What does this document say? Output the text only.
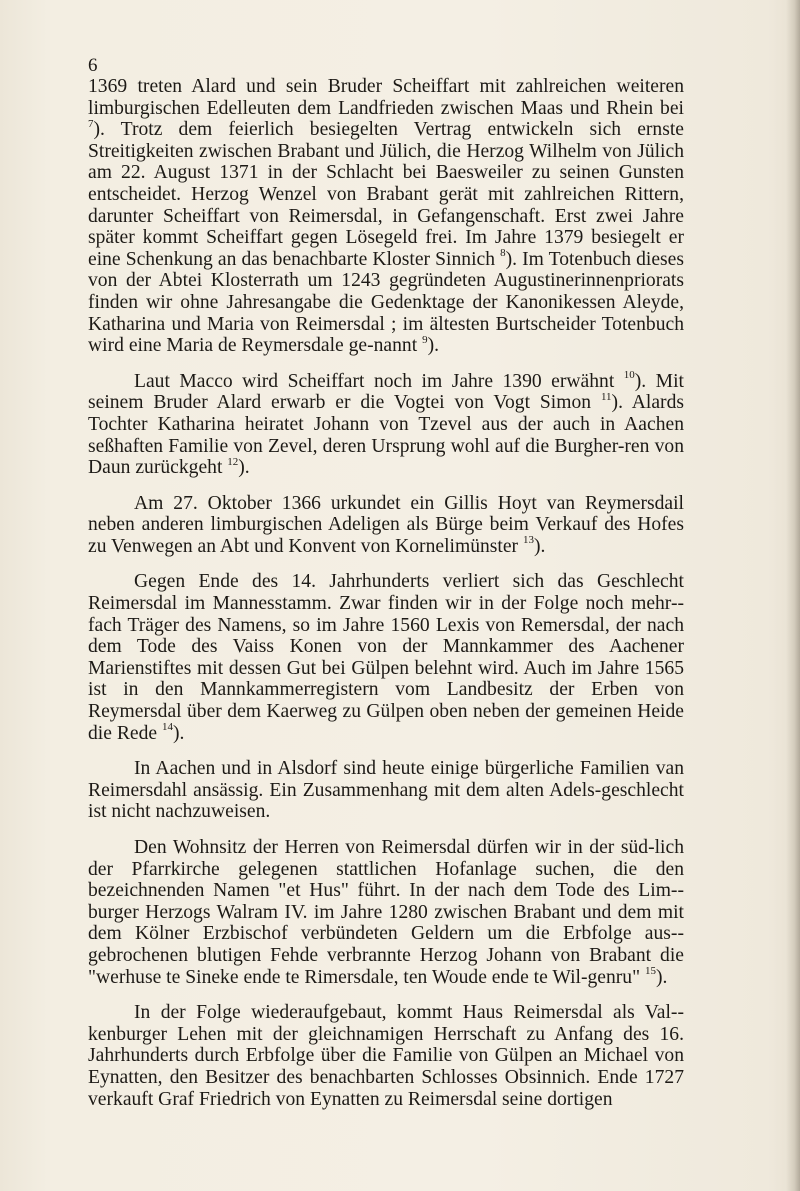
6

1369 treten Alard und sein Bruder Scheiffart mit zahlreichen weiteren limburgischen Edelleuten dem Landfrieden zwischen Maas und Rhein bei $^7$). Trotz dem feierlich besiegelten Vertrag entwickeln sich ernste Streitigkeiten zwischen Brabant und Jülich, die Herzog Wilhelm von Jülich am 22. August 1371 in der Schlacht bei Baesweiler zu seinen Gunsten entscheidet. Herzog Wenzel von Brabant gerät mit zahlreichen Rittern, darunter Scheiffart von Reimersdal, in Gefangenschaft. Erst zwei Jahre später kommt Scheiffart gegen Lösegeld frei. Im Jahre 1379 besiegelt er eine Schenkung an das benachbarte Kloster Sinnich $^8$). Im Totenbuch dieses von der Abtei Klosterrath um 1243 gegründeten Augustinerinnenpriorats finden wir ohne Jahresangabe die Gedenktage der Kanonikessen Aleyde, Katharina und Maria von Reimersdal ; im ältesten Burtscheider Totenbuch wird eine Maria de Reymersdale ge-nannt $^9$).

Laut Macco wird Scheiffart noch im Jahre 1390 erwähnt $^{10}$). Mit seinem Bruder Alard erwarb er die Vogtei von Vogt Simon $^{11}$). Alards Tochter Katharina heiratet Johann von Tzevel aus der auch in Aachen seßhaften Familie von Zevel, deren Ursprung wohl auf die Burgher-ren von Daun zurückgeht $^{12}$).

Am 27. Oktober 1366 urkundet ein Gillis Hoyt van Reymersdail neben anderen limburgischen Adeligen als Bürge beim Verkauf des Hofes zu Venwegen an Abt und Konvent von Kornelimünster $^{13}$).

Gegen Ende des 14. Jahrhunderts verliert sich das Geschlecht Reimersdal im Mannesstamm. Zwar finden wir in der Folge noch mehr-fach Träger des Namens, so im Jahre 1560 Lexis von Remersdal, der nach dem Tode des Vaiss Konen von der Mannkammer des Aachener Marienstiftes mit dessen Gut bei Gülpen belehnt wird. Auch im Jahre 1565 ist in den Mannkammerregistern vom Landbesitz der Erben von Reymersdal über dem Kaerweg zu Gülpen oben neben der gemeinen Heide die Rede $^{14}$).

In Aachen und in Alsdorf sind heute einige bürgerliche Familien van Reimersdahl ansässig. Ein Zusammenhang mit dem alten Adels-geschlecht ist nicht nachzuweisen.

Den Wohnsitz der Herren von Reimersdal dürfen wir in der süd-lich der Pfarrkirche gelegenen stattlichen Hofanlage suchen, die den bezeichnenden Namen "et Hus" führt. In der nach dem Tode des Lim-burger Herzogs Walram IV. im Jahre 1280 zwischen Brabant und dem mit dem Kölner Erzbischof verbündeten Geldern um die Erbfolge aus-gebrochenen blutigen Fehde verbrannte Herzog Johann von Brabant die "werhuse te Sineke ende te Rimersdale, ten Woude ende te Wil-genru" $^{15}$).

In der Folge wiederaufgebaut, kommt Haus Reimersdal als Val-kenburger Lehen mit der gleichnamigen Herrschaft zu Anfang des 16. Jahrhunderts durch Erbfolge über die Familie von Gülpen an Michael von Eynatten, den Besitzer des benachbarten Schlosses Obsinnich. Ende 1727 verkauft Graf Friedrich von Eynatten zu Reimersdal seine dortigen
